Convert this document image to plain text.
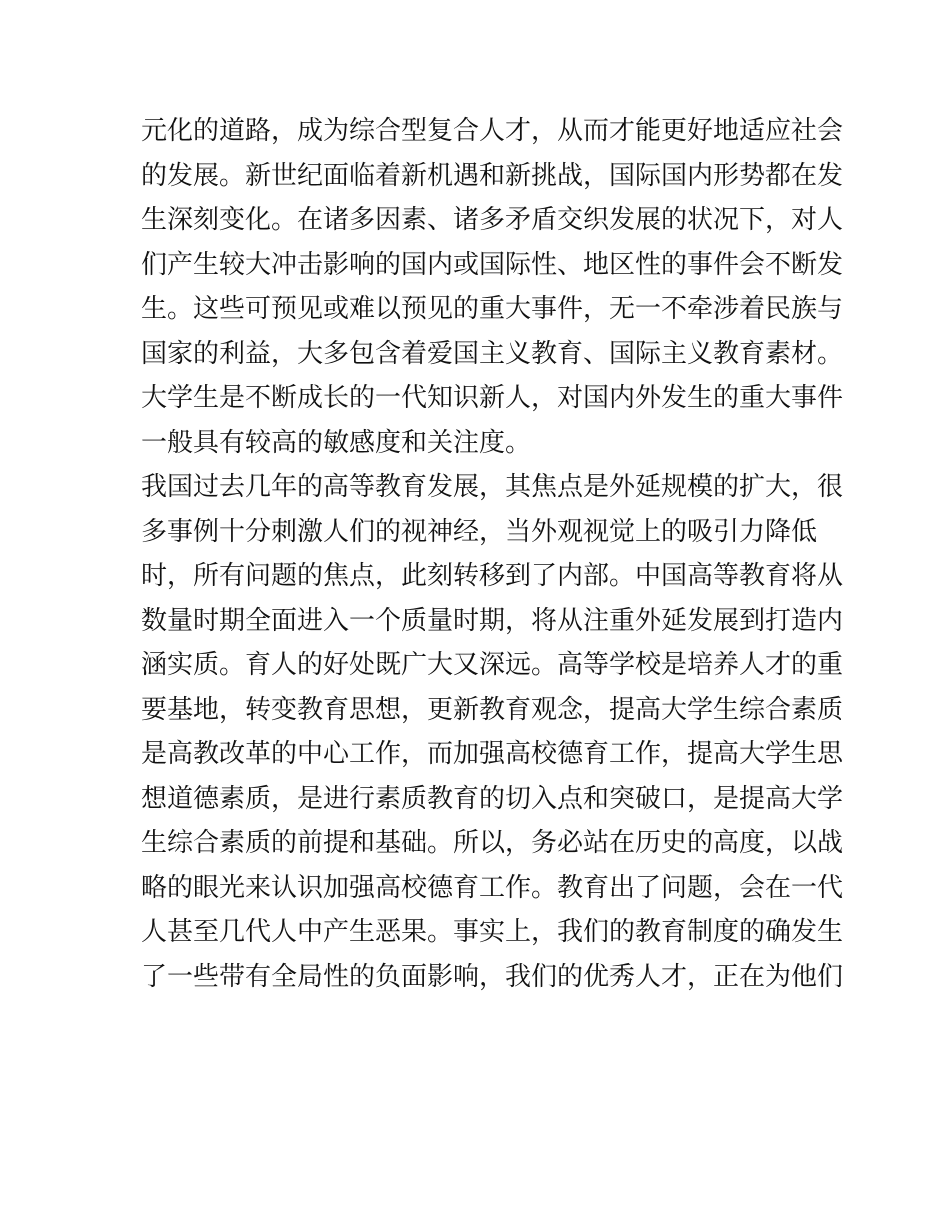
元化的道路，成为综合型复合人才，从而才能更好地适应社会
的发展。新世纪面临着新机遇和新挑战，国际国内形势都在发
生深刻变化。在诸多因素、诸多矛盾交织发展的状况下，对人
们产生较大冲击影响的国内或国际性、地区性的事件会不断发
生。这些可预见或难以预见的重大事件，无一不牵涉着民族与
国家的利益，大多包含着爱国主义教育、国际主义教育素材。
大学生是不断成长的一代知识新人，对国内外发生的重大事件
一般具有较高的敏感度和关注度。
我国过去几年的高等教育发展，其焦点是外延规模的扩大，很
多事例十分刺激人们的视神经，当外观视觉上的吸引力降低
时，所有问题的焦点，此刻转移到了内部。中国高等教育将从
数量时期全面进入一个质量时期，将从注重外延发展到打造内
涵实质。育人的好处既广大又深远。高等学校是培养人才的重
要基地，转变教育思想，更新教育观念，提高大学生综合素质
是高教改革的中心工作，而加强高校德育工作，提高大学生思
想道德素质，是进行素质教育的切入点和突破口，是提高大学
生综合素质的前提和基础。所以，务必站在历史的高度，以战
略的眼光来认识加强高校德育工作。教育出了问题，会在一代
人甚至几代人中产生恶果。事实上，我们的教育制度的确发生
了一些带有全局性的负面影响，我们的优秀人才，正在为他们
